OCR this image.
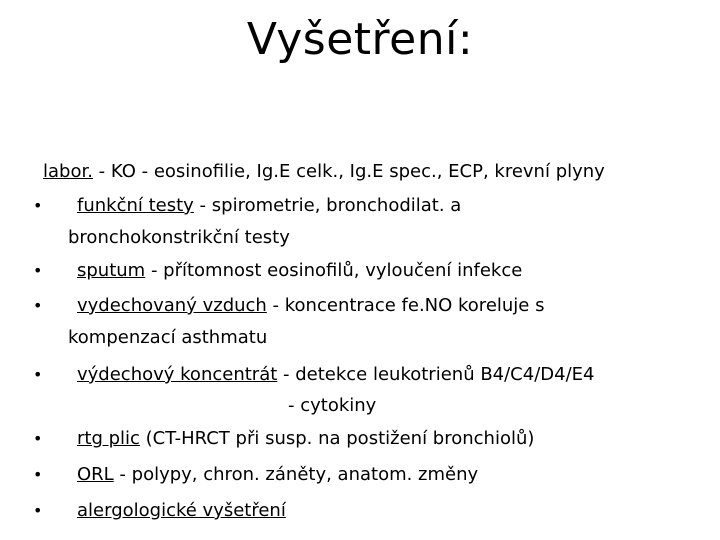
Vyšetření:
labor. - KO - eosinofilie, Ig.E celk., Ig.E spec., ECP, krevní plyny
• funkční testy - spirometrie, bronchodilat. a
bronchokonstrikční testy
• sputum - přítomnost eosinofilů, vyloučení infekce
• vydechovaný vzduch - koncentrace fe.NO koreluje s
kompenzací asthmatu
• výdechový koncentrát - detekce leukotrienů B4/C4/D4/E4
- cytokiny
• rtg plic (CT-HRCT při susp. na postižení bronchiolů)
• ORL - polypy, chron. záněty, anatom. změny
• alergologické vyšetření
